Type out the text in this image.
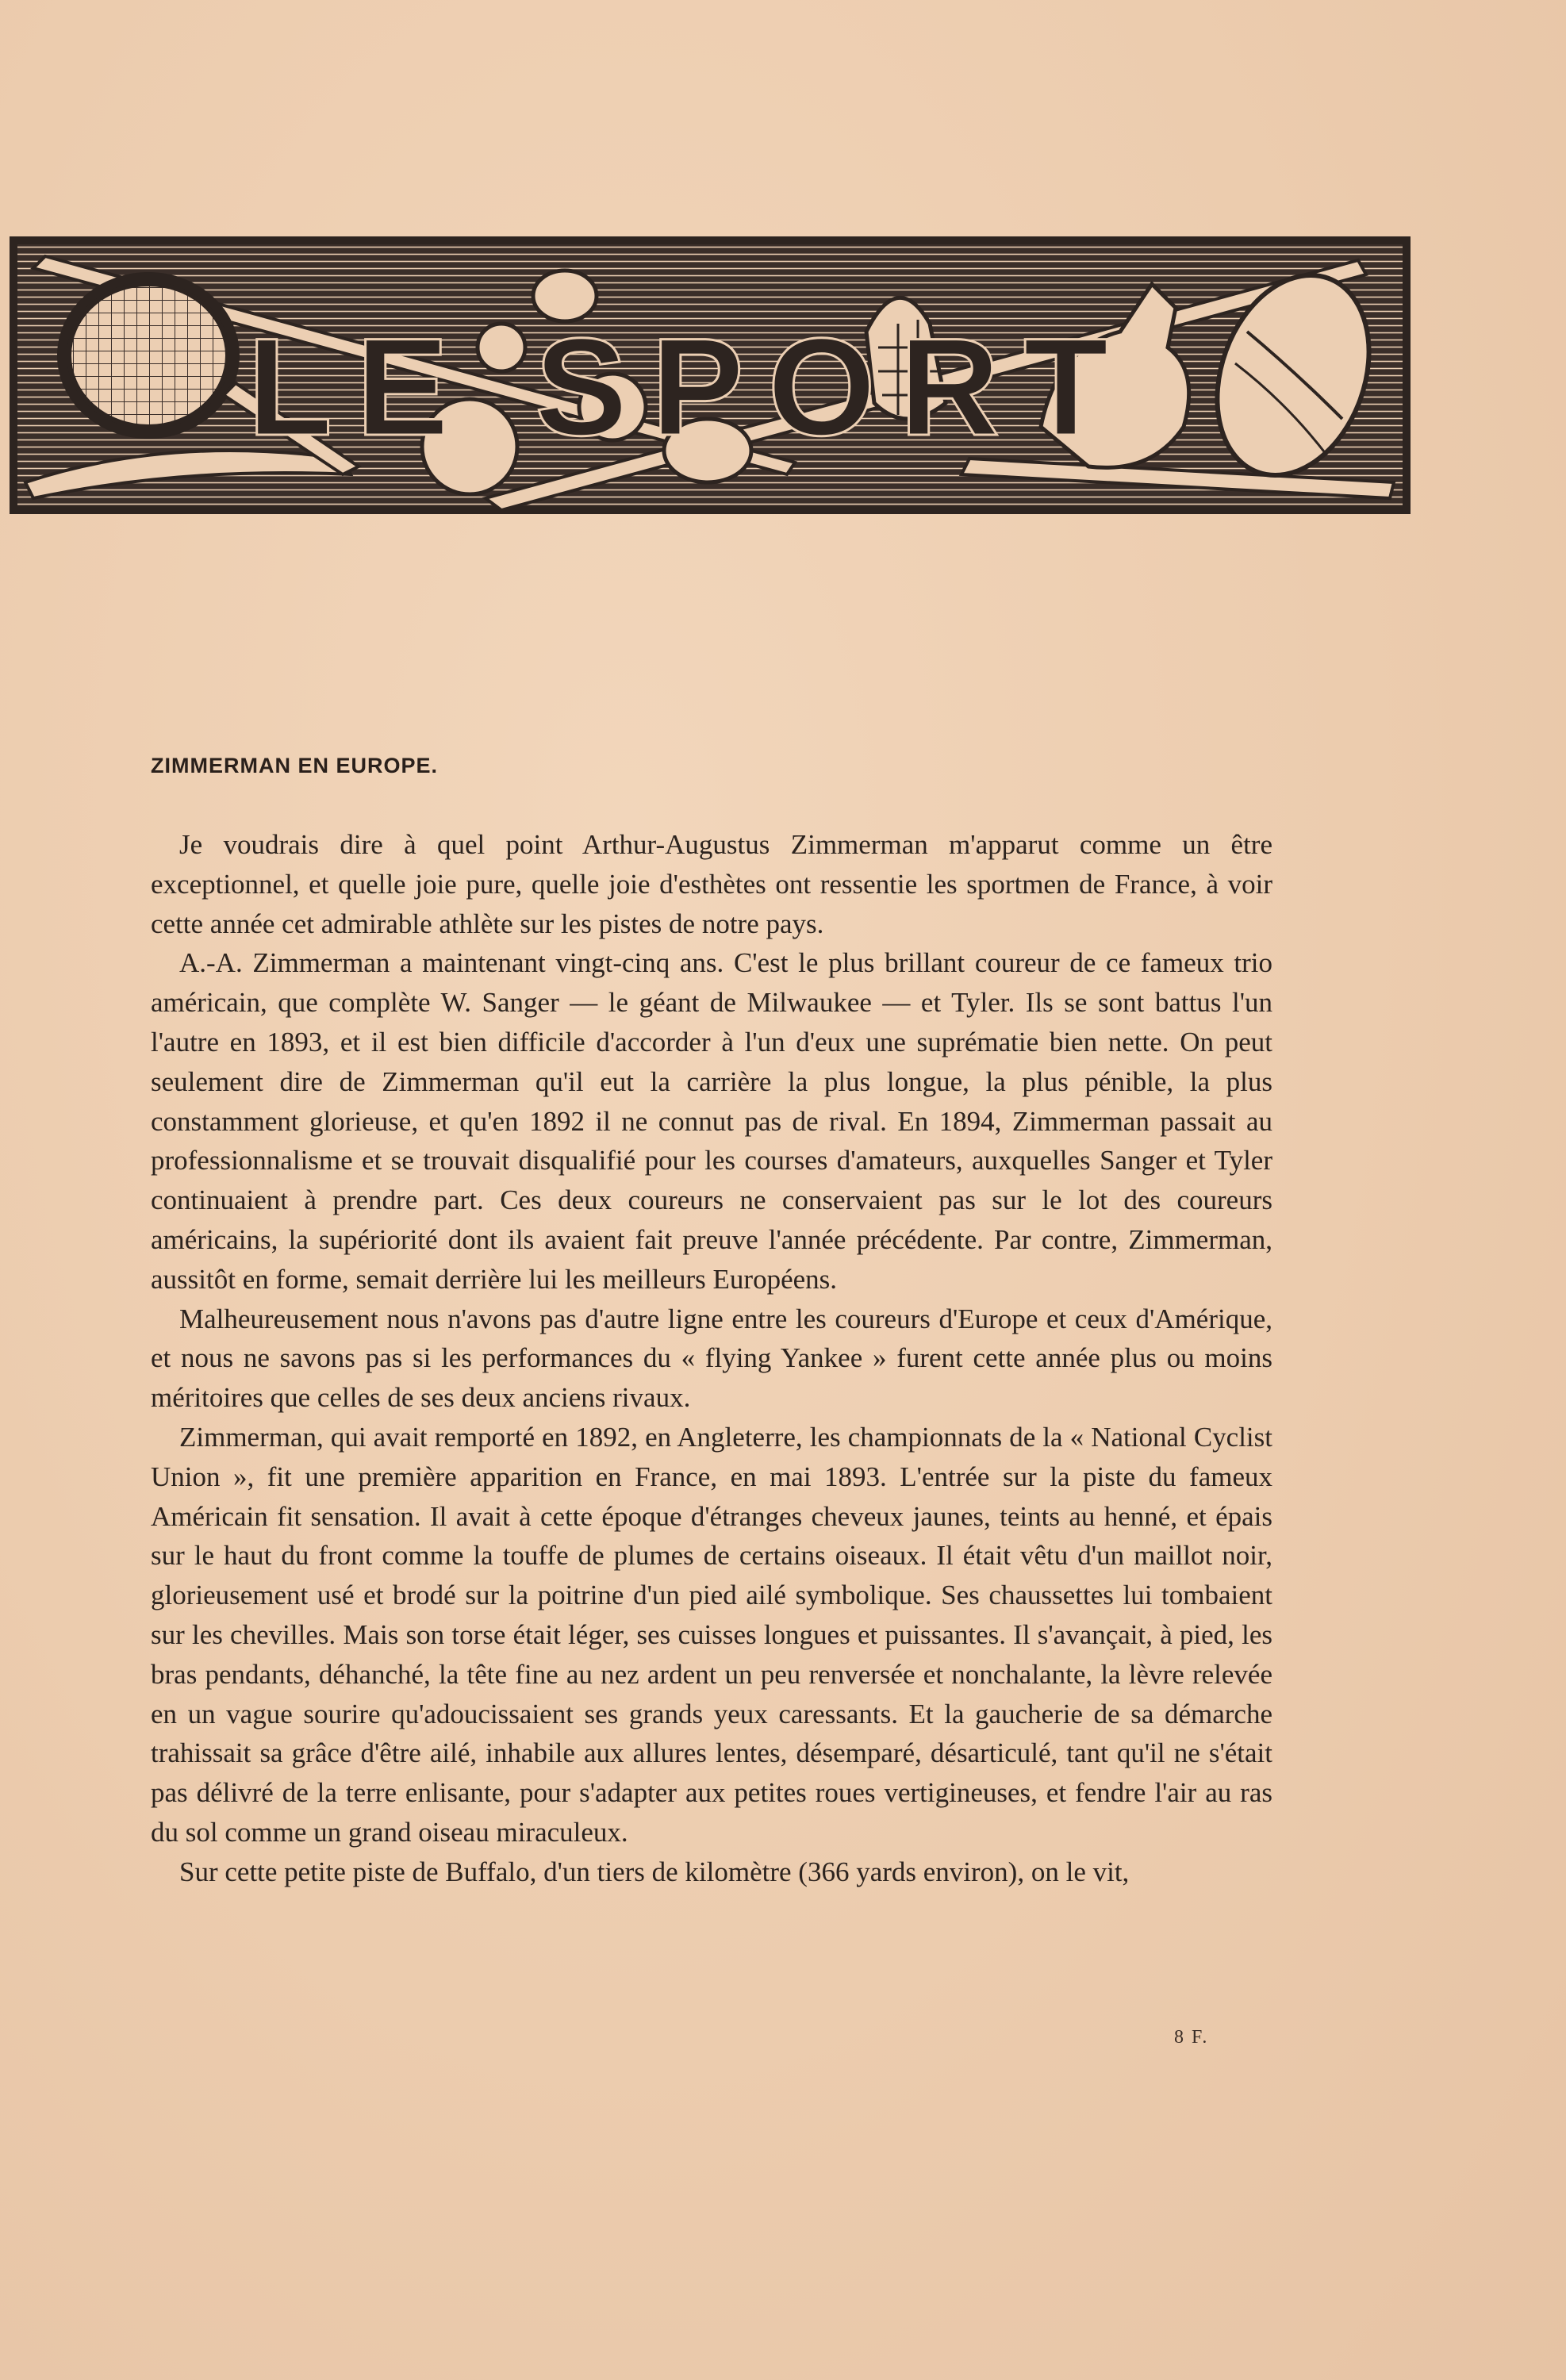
LE SPORT
ZIMMERMAN EN EUROPE.

Je voudrais dire à quel point Arthur-Augustus Zimmerman m'apparut comme un être exceptionnel, et quelle joie pure, quelle joie d'esthètes ont ressentie les sportmen de France, à voir cette année cet admirable athlète sur les pistes de notre pays.

A.-A. Zimmerman a maintenant vingt-cinq ans. C'est le plus brillant coureur de ce fameux trio américain, que complète W. Sanger — le géant de Milwaukee — et Tyler. Ils se sont battus l'un l'autre en 1893, et il est bien difficile d'accorder à l'un d'eux une suprématie bien nette. On peut seulement dire de Zimmerman qu'il eut la carrière la plus longue, la plus pénible, la plus constamment glorieuse, et qu'en 1892 il ne connut pas de rival. En 1894, Zimmerman passait au professionnalisme et se trouvait disqualifié pour les courses d'amateurs, auxquelles Sanger et Tyler continuaient à prendre part. Ces deux coureurs ne conservaient pas sur le lot des coureurs américains, la supériorité dont ils avaient fait preuve l'année précédente. Par contre, Zimmerman, aussitôt en forme, semait derrière lui les meilleurs Européens.

Malheureusement nous n'avons pas d'autre ligne entre les coureurs d'Europe et ceux d'Amérique, et nous ne savons pas si les performances du « flying Yankee » furent cette année plus ou moins méritoires que celles de ses deux anciens rivaux.

Zimmerman, qui avait remporté en 1892, en Angleterre, les championnats de la « National Cyclist Union », fit une première apparition en France, en mai 1893. L'entrée sur la piste du fameux Américain fit sensation. Il avait à cette époque d'étranges cheveux jaunes, teints au henné, et épais sur le haut du front comme la touffe de plumes de certains oiseaux. Il était vêtu d'un maillot noir, glorieusement usé et brodé sur la poitrine d'un pied ailé symbolique. Ses chaussettes lui tombaient sur les chevilles. Mais son torse était léger, ses cuisses longues et puissantes. Il s'avançait, à pied, les bras pendants, déhanché, la tête fine au nez ardent un peu renversée et nonchalante, la lèvre relevée en un vague sourire qu'adoucissaient ses grands yeux caressants. Et la gaucherie de sa démarche trahissait sa grâce d'être ailé, inhabile aux allures lentes, désemparé, désarticulé, tant qu'il ne s'était pas délivré de la terre enlisante, pour s'adapter aux petites roues vertigineuses, et fendre l'air au ras du sol comme un grand oiseau miraculeux.

Sur cette petite piste de Buffalo, d'un tiers de kilomètre (366 yards environ), on le vit,

8 F.
